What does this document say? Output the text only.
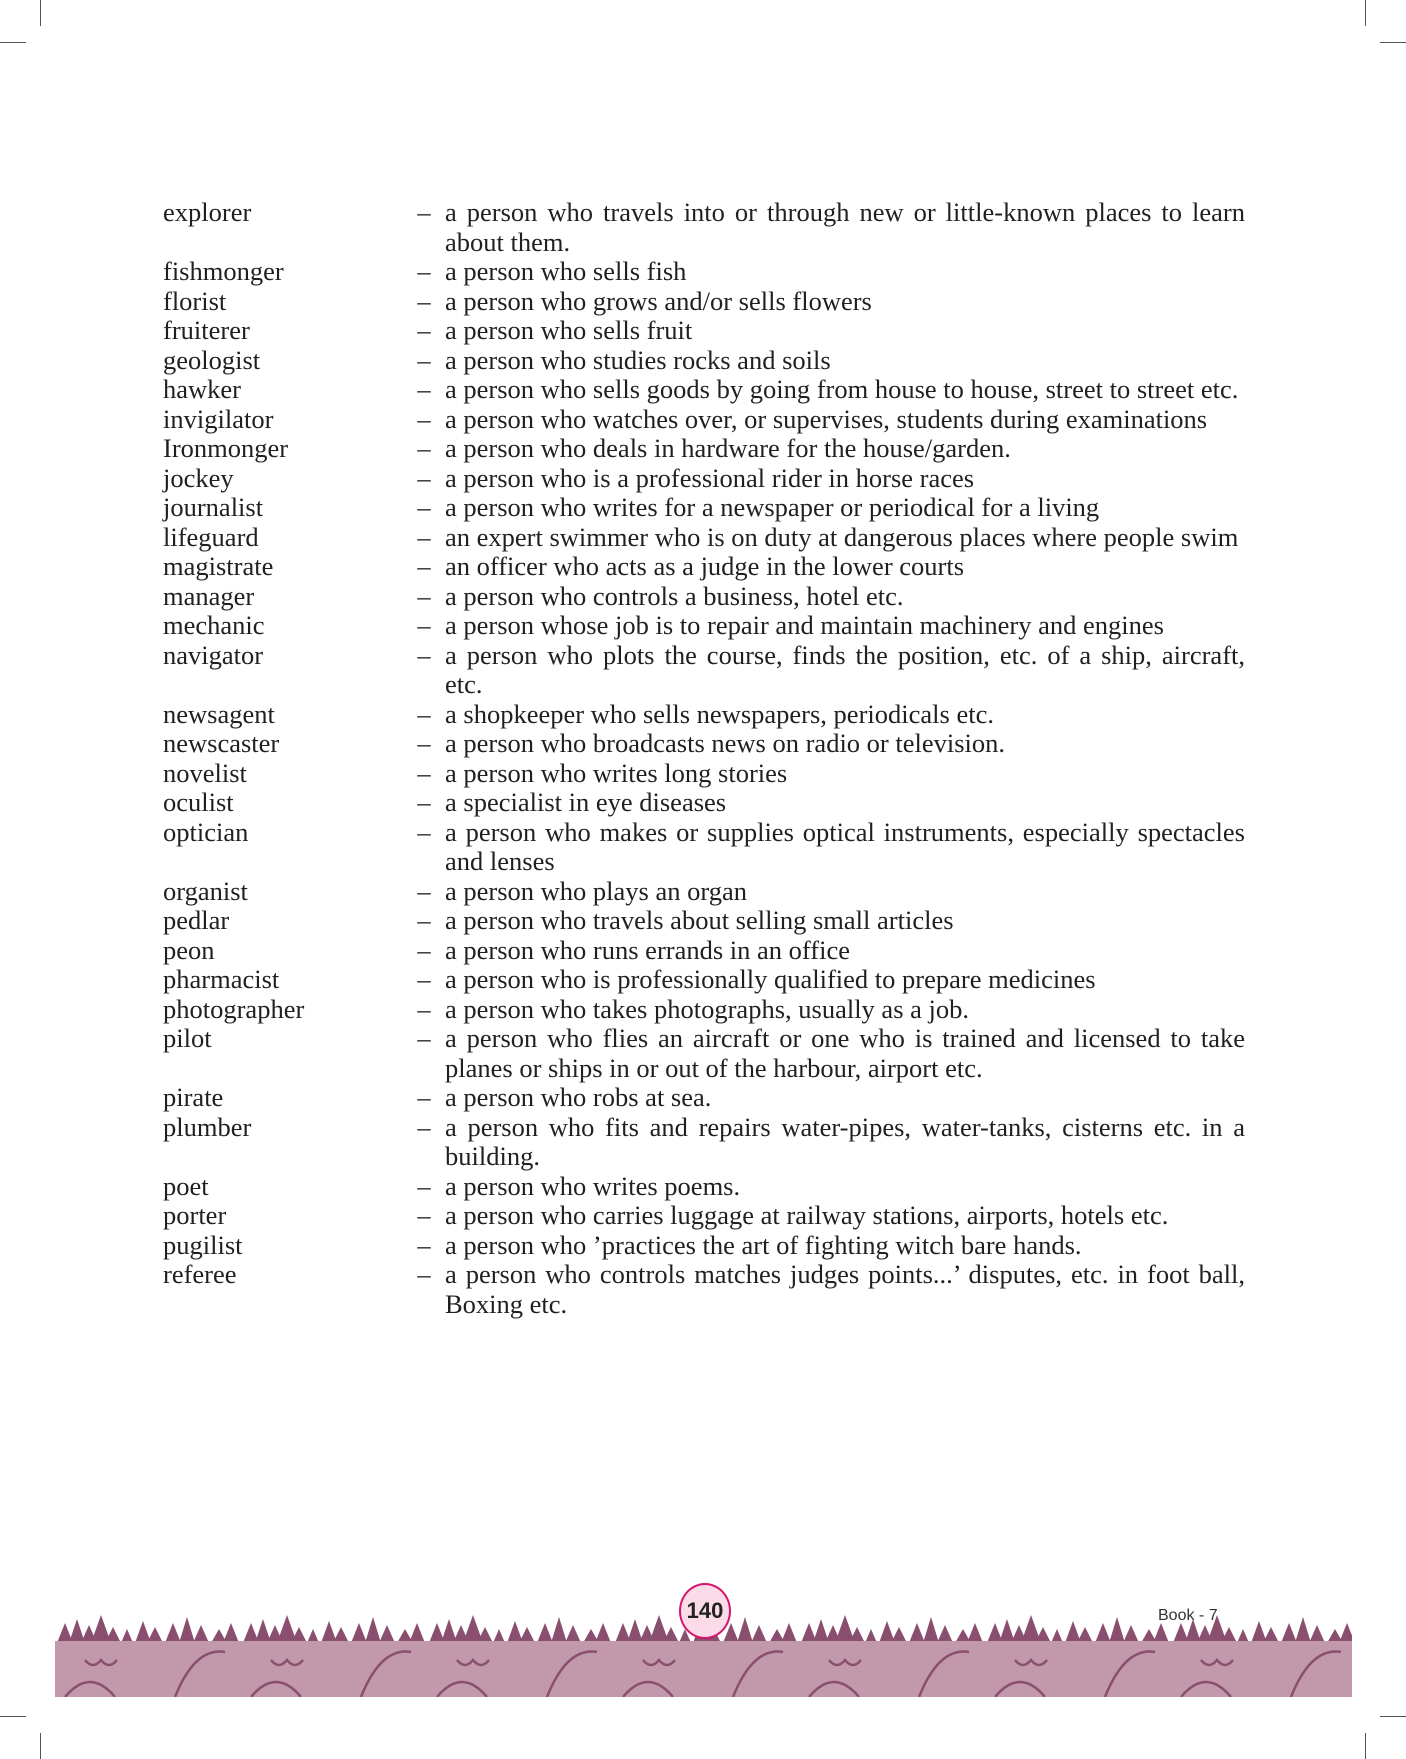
explorer	– a person who travels into or through new or little-known places to learn about them.
fishmonger	– a person who sells fish
florist	– a person who grows and/or sells flowers
fruiterer	– a person who sells fruit
geologist	– a person who studies rocks and soils
hawker	– a person who sells goods by going from house to house, street to street etc.
invigilator	– a person who watches over, or supervises, students during examinations
Ironmonger	– a person who deals in hardware for the house/garden.
jockey	– a person who is a professional rider in horse races
journalist	– a person who writes for a newspaper or periodical for a living
lifeguard	– an expert swimmer who is on duty at dangerous places where people swim
magistrate	– an officer who acts as a judge in the lower courts
manager	– a person who controls a business, hotel etc.
mechanic	– a person whose job is to repair and maintain machinery and engines
navigator	– a person who plots the course, finds the position, etc. of a ship, aircraft, etc.
newsagent	– a shopkeeper who sells newspapers, periodicals etc.
newscaster	– a person who broadcasts news on radio or television.
novelist	– a person who writes long stories
oculist	– a specialist in eye diseases
optician	– a person who makes or supplies optical instruments, especially spectacles and lenses
organist	– a person who plays an organ
pedlar	– a person who travels about selling small articles
peon	– a person who runs errands in an office
pharmacist	– a person who is professionally qualified to prepare medicines
photographer	– a person who takes photographs, usually as a job.
pilot	– a person who flies an aircraft or one who is trained and licensed to take planes or ships in or out of the harbour, airport etc.
pirate	– a person who robs at sea.
plumber	– a person who fits and repairs water-pipes, water-tanks, cisterns etc. in a building.
poet	– a person who writes poems.
porter	– a person who carries luggage at railway stations, airports, hotels etc.
pugilist	– a person who ’practices the art of fighting witch bare hands.
referee	– a person who controls matches judges points...’ disputes, etc. in foot ball, Boxing etc.
140	Book - 7
